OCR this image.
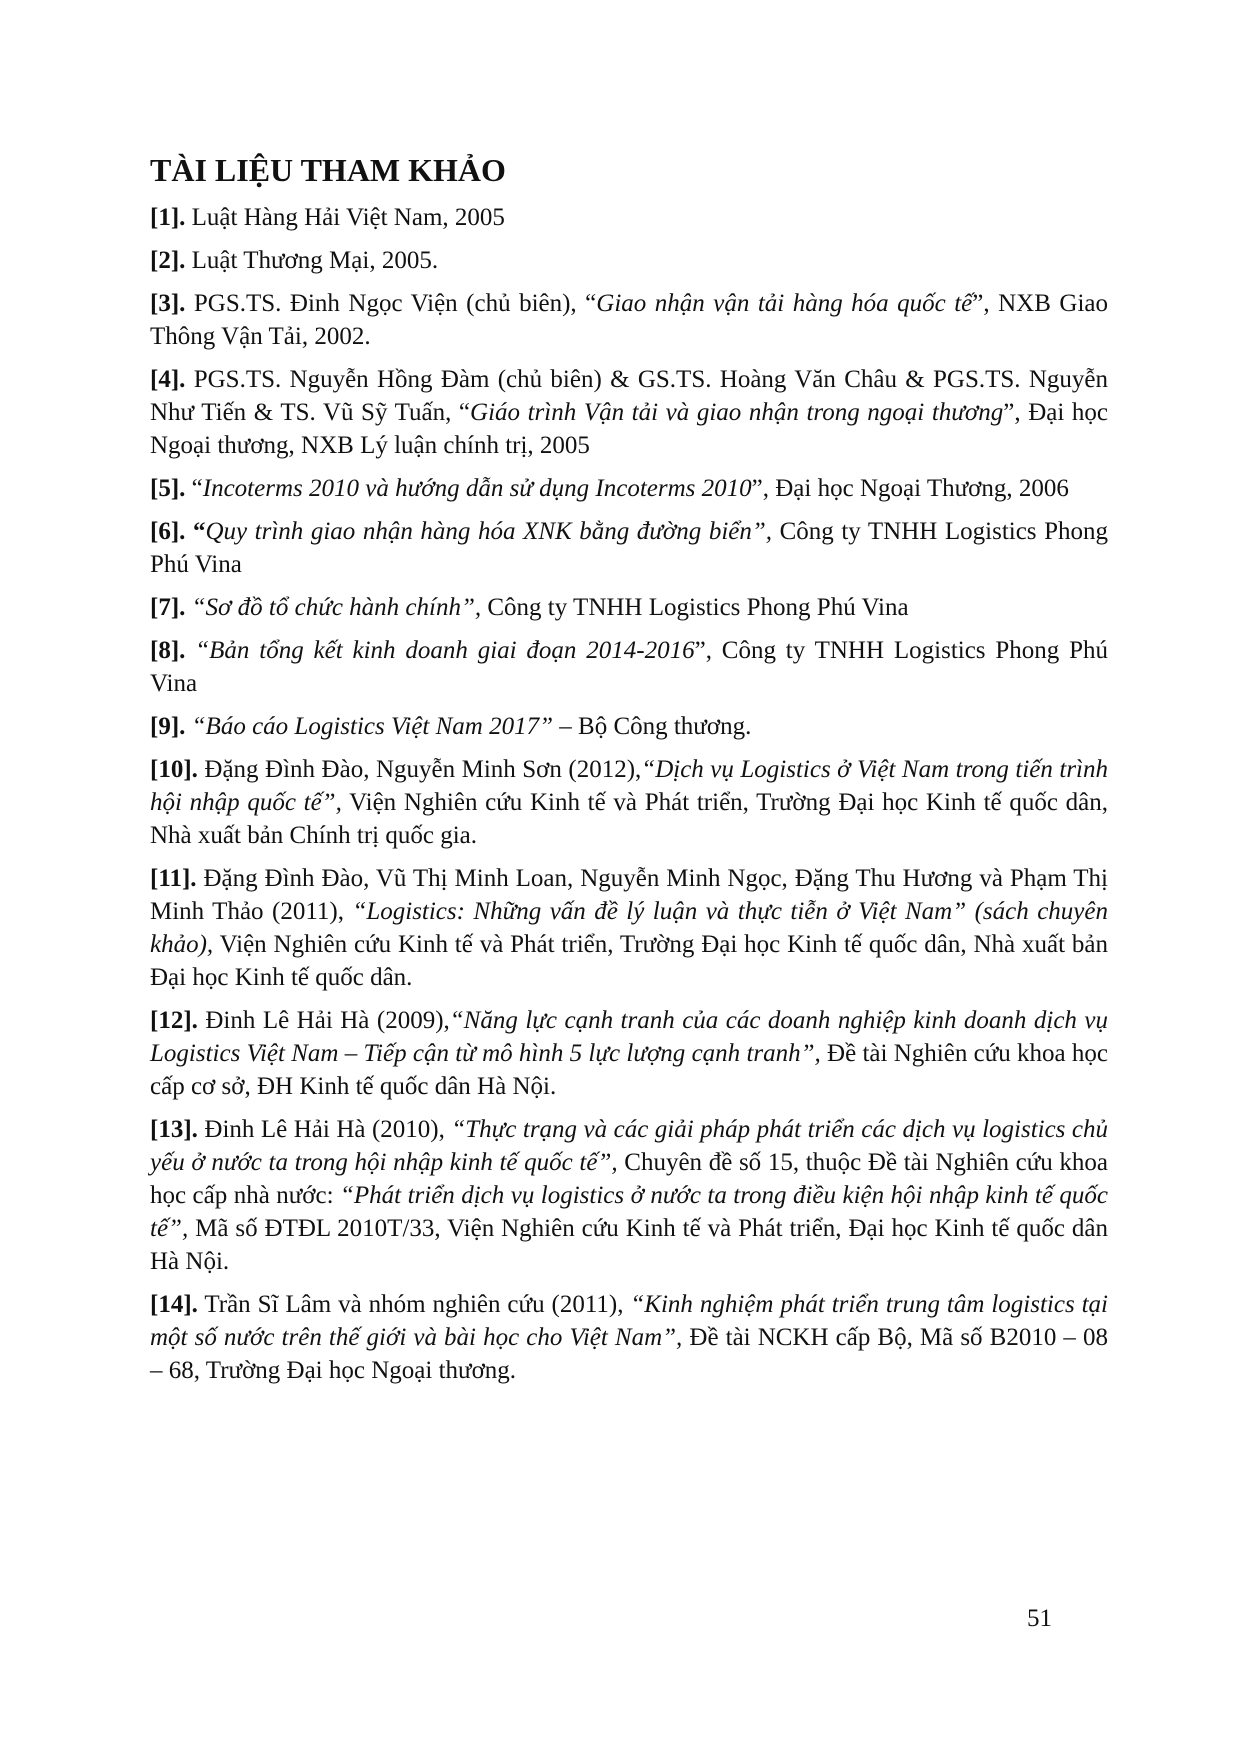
TÀI LIỆU THAM KHẢO
[1]. Luật Hàng Hải Việt Nam, 2005
[2]. Luật Thương Mại, 2005.
[3]. PGS.TS. Đinh Ngọc Viện (chủ biên), “Giao nhận vận tải hàng hóa quốc tế”, NXB Giao Thông Vận Tải, 2002.
[4]. PGS.TS. Nguyễn Hồng Đàm (chủ biên) & GS.TS. Hoàng Văn Châu & PGS.TS. Nguyễn Như Tiến & TS. Vũ Sỹ Tuấn, “Giáo trình Vận tải và giao nhận trong ngoại thương”, Đại học Ngoại thương, NXB Lý luận chính trị, 2005
[5]. “Incoterms 2010 và hướng dẫn sử dụng Incoterms 2010”, Đại học Ngoại Thương, 2006
[6]. “Quy trình giao nhận hàng hóa XNK bằng đường biển”, Công ty TNHH Logistics Phong Phú Vina
[7]. “Sơ đồ tổ chức hành chính”, Công ty TNHH Logistics Phong Phú Vina
[8]. “Bản tổng kết kinh doanh giai đoạn 2014-2016”, Công ty TNHH Logistics Phong Phú Vina
[9]. “Báo cáo Logistics Việt Nam 2017” – Bộ Công thương.
[10]. Đặng Đình Đào, Nguyễn Minh Sơn (2012),“Dịch vụ Logistics ở Việt Nam trong tiến trình hội nhập quốc tế”, Viện Nghiên cứu Kinh tế và Phát triển, Trường Đại học Kinh tế quốc dân, Nhà xuất bản Chính trị quốc gia.
[11]. Đặng Đình Đào, Vũ Thị Minh Loan, Nguyễn Minh Ngọc, Đặng Thu Hương và Phạm Thị Minh Thảo (2011), “Logistics: Những vấn đề lý luận và thực tiễn ở Việt Nam” (sách chuyên khảo), Viện Nghiên cứu Kinh tế và Phát triển, Trường Đại học Kinh tế quốc dân, Nhà xuất bản Đại học Kinh tế quốc dân.
[12]. Đinh Lê Hải Hà (2009),“Năng lực cạnh tranh của các doanh nghiệp kinh doanh dịch vụ Logistics Việt Nam – Tiếp cận từ mô hình 5 lực lượng cạnh tranh”, Đề tài Nghiên cứu khoa học cấp cơ sở, ĐH Kinh tế quốc dân Hà Nội.
[13]. Đinh Lê Hải Hà (2010), “Thực trạng và các giải pháp phát triển các dịch vụ logistics chủ yếu ở nước ta trong hội nhập kinh tế quốc tế”, Chuyên đề số 15, thuộc Đề tài Nghiên cứu khoa học cấp nhà nước: “Phát triển dịch vụ logistics ở nước ta trong điều kiện hội nhập kinh tế quốc tế”, Mã số ĐTĐL 2010T/33, Viện Nghiên cứu Kinh tế và Phát triển, Đại học Kinh tế quốc dân Hà Nội.
[14]. Trần Sĩ Lâm và nhóm nghiên cứu (2011), “Kinh nghiệm phát triển trung tâm logistics tại một số nước trên thế giới và bài học cho Việt Nam”, Đề tài NCKH cấp Bộ, Mã số B2010 – 08 – 68, Trường Đại học Ngoại thương.
51
